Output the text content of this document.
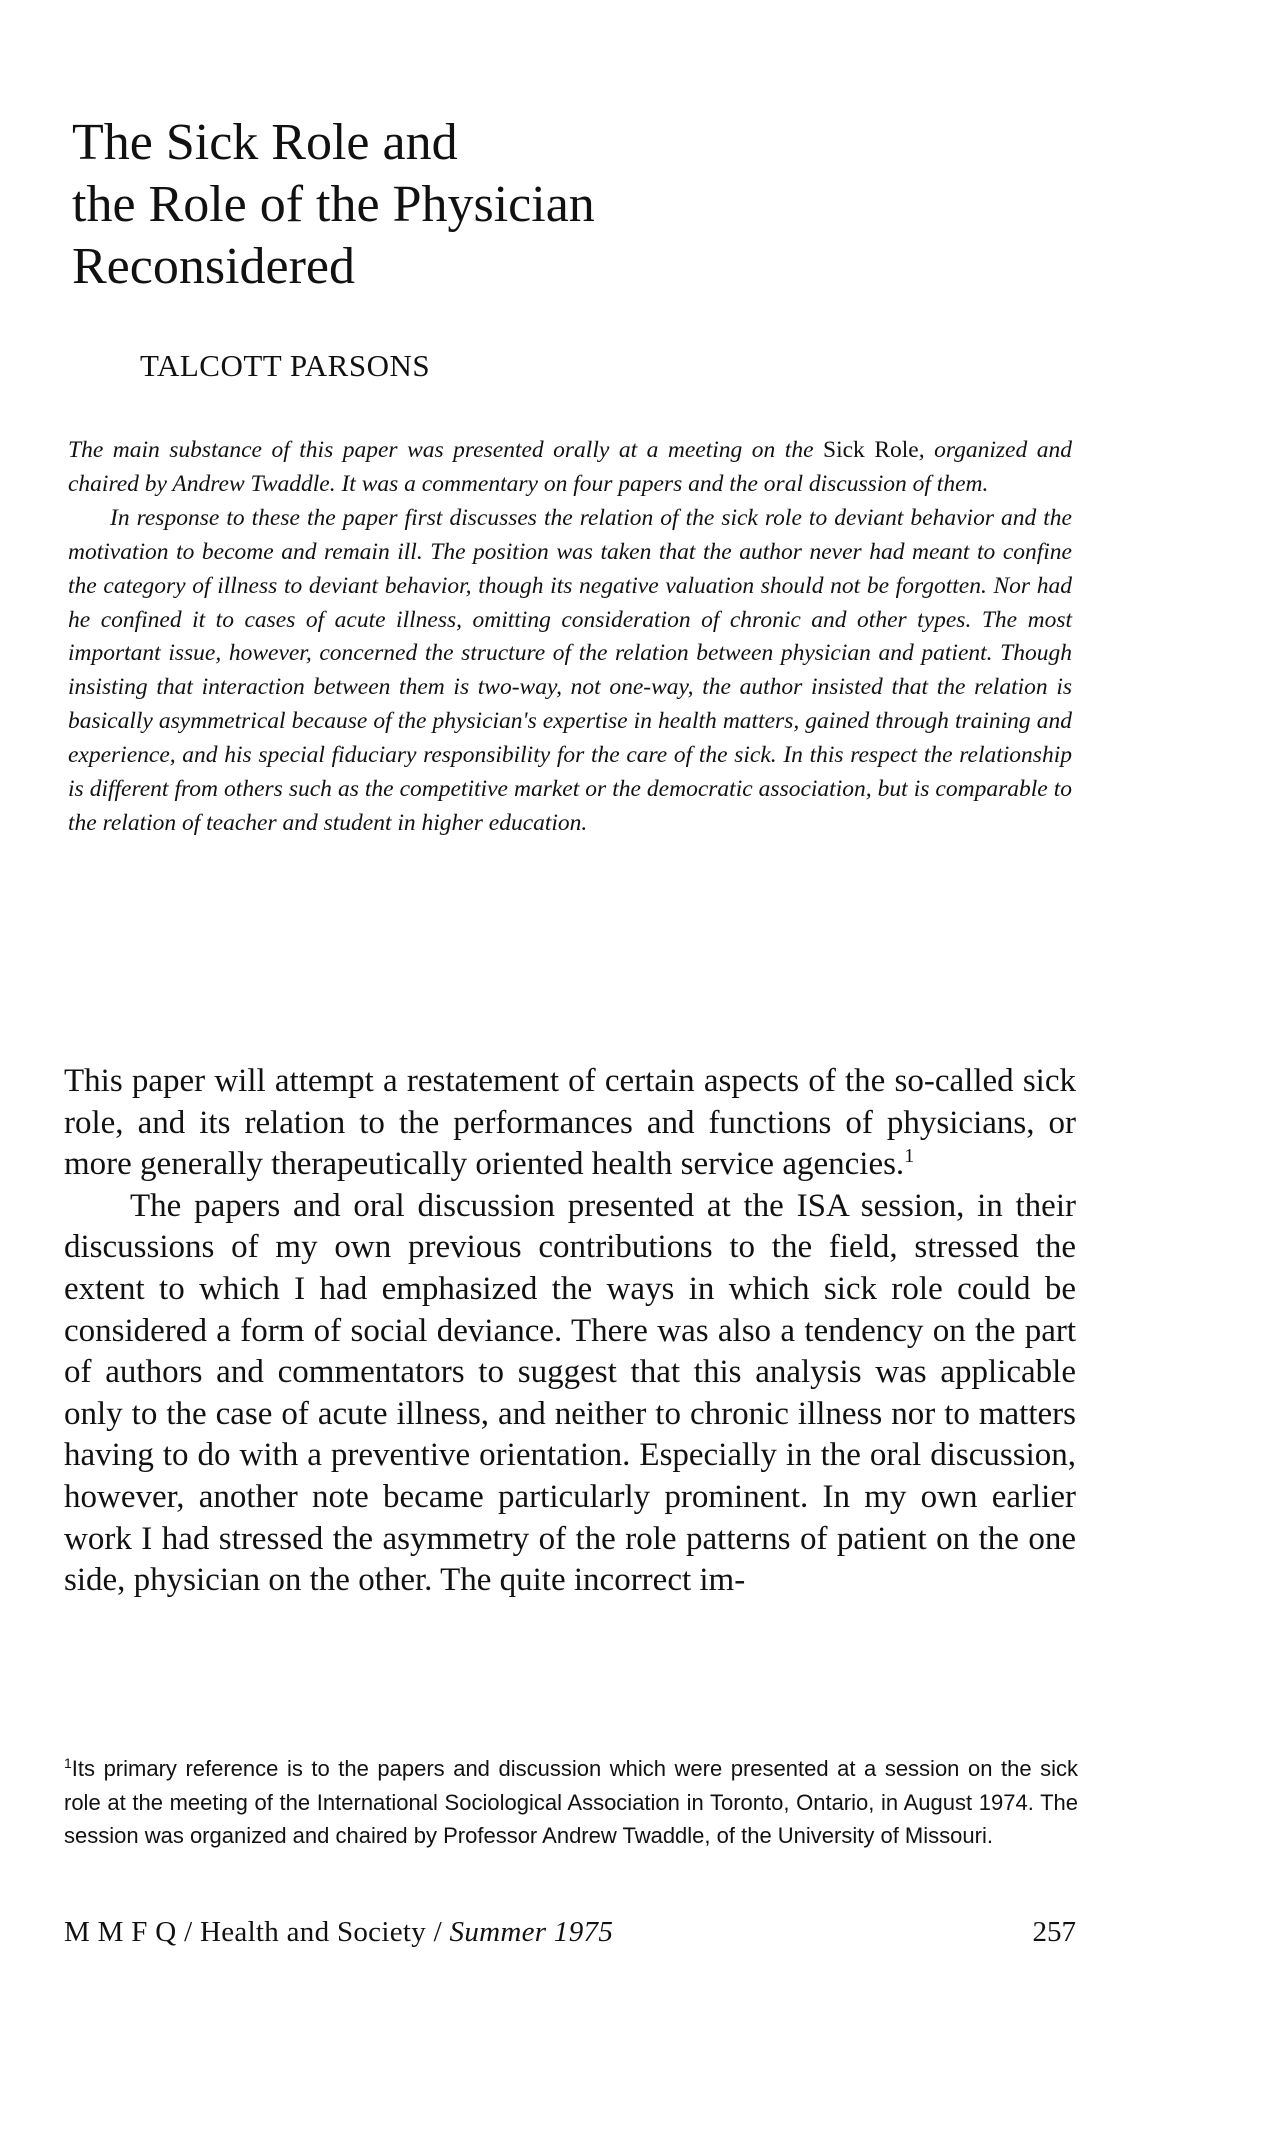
The Sick Role and
the Role of the Physician
Reconsidered

TALCOTT PARSONS

The main substance of this paper was presented orally at a meeting on the Sick Role, organized and chaired by Andrew Twaddle. It was a commentary on four papers and the oral discussion of them.

In response to these the paper first discusses the relation of the sick role to deviant behavior and the motivation to become and remain ill. The position was taken that the author never had meant to confine the category of illness to deviant behavior, though its negative valuation should not be forgotten. Nor had he confined it to cases of acute illness, omitting consideration of chronic and other types. The most important issue, however, concerned the structure of the relation between physician and patient. Though insisting that interaction between them is two-way, not one-way, the author insisted that the relation is basically asymmetrical because of the physician's expertise in health matters, gained through training and experience, and his special fiduciary responsibility for the care of the sick. In this respect the relationship is different from others such as the competitive market or the democratic association, but is comparable to the relation of teacher and student in higher education.

This paper will attempt a restatement of certain aspects of the so-called sick role, and its relation to the performances and functions of physicians, or more generally therapeutically oriented health service agencies.$^1$

The papers and oral discussion presented at the ISA session, in their discussions of my own previous contributions to the field, stressed the extent to which I had emphasized the ways in which sick role could be considered a form of social deviance. There was also a tendency on the part of authors and commentators to suggest that this analysis was applicable only to the case of acute illness, and neither to chronic illness nor to matters having to do with a preventive orientation. Especially in the oral discussion, however, another note became particularly prominent. In my own earlier work I had stressed the asymmetry of the role patterns of patient on the one side, physician on the other. The quite incorrect im-

$^1$Its primary reference is to the papers and discussion which were presented at a session on the sick role at the meeting of the International Sociological Association in Toronto, Ontario, in August 1974. The session was organized and chaired by Professor Andrew Twaddle, of the University of Missouri.

M M F Q / Health and Society / Summer 1975	257
